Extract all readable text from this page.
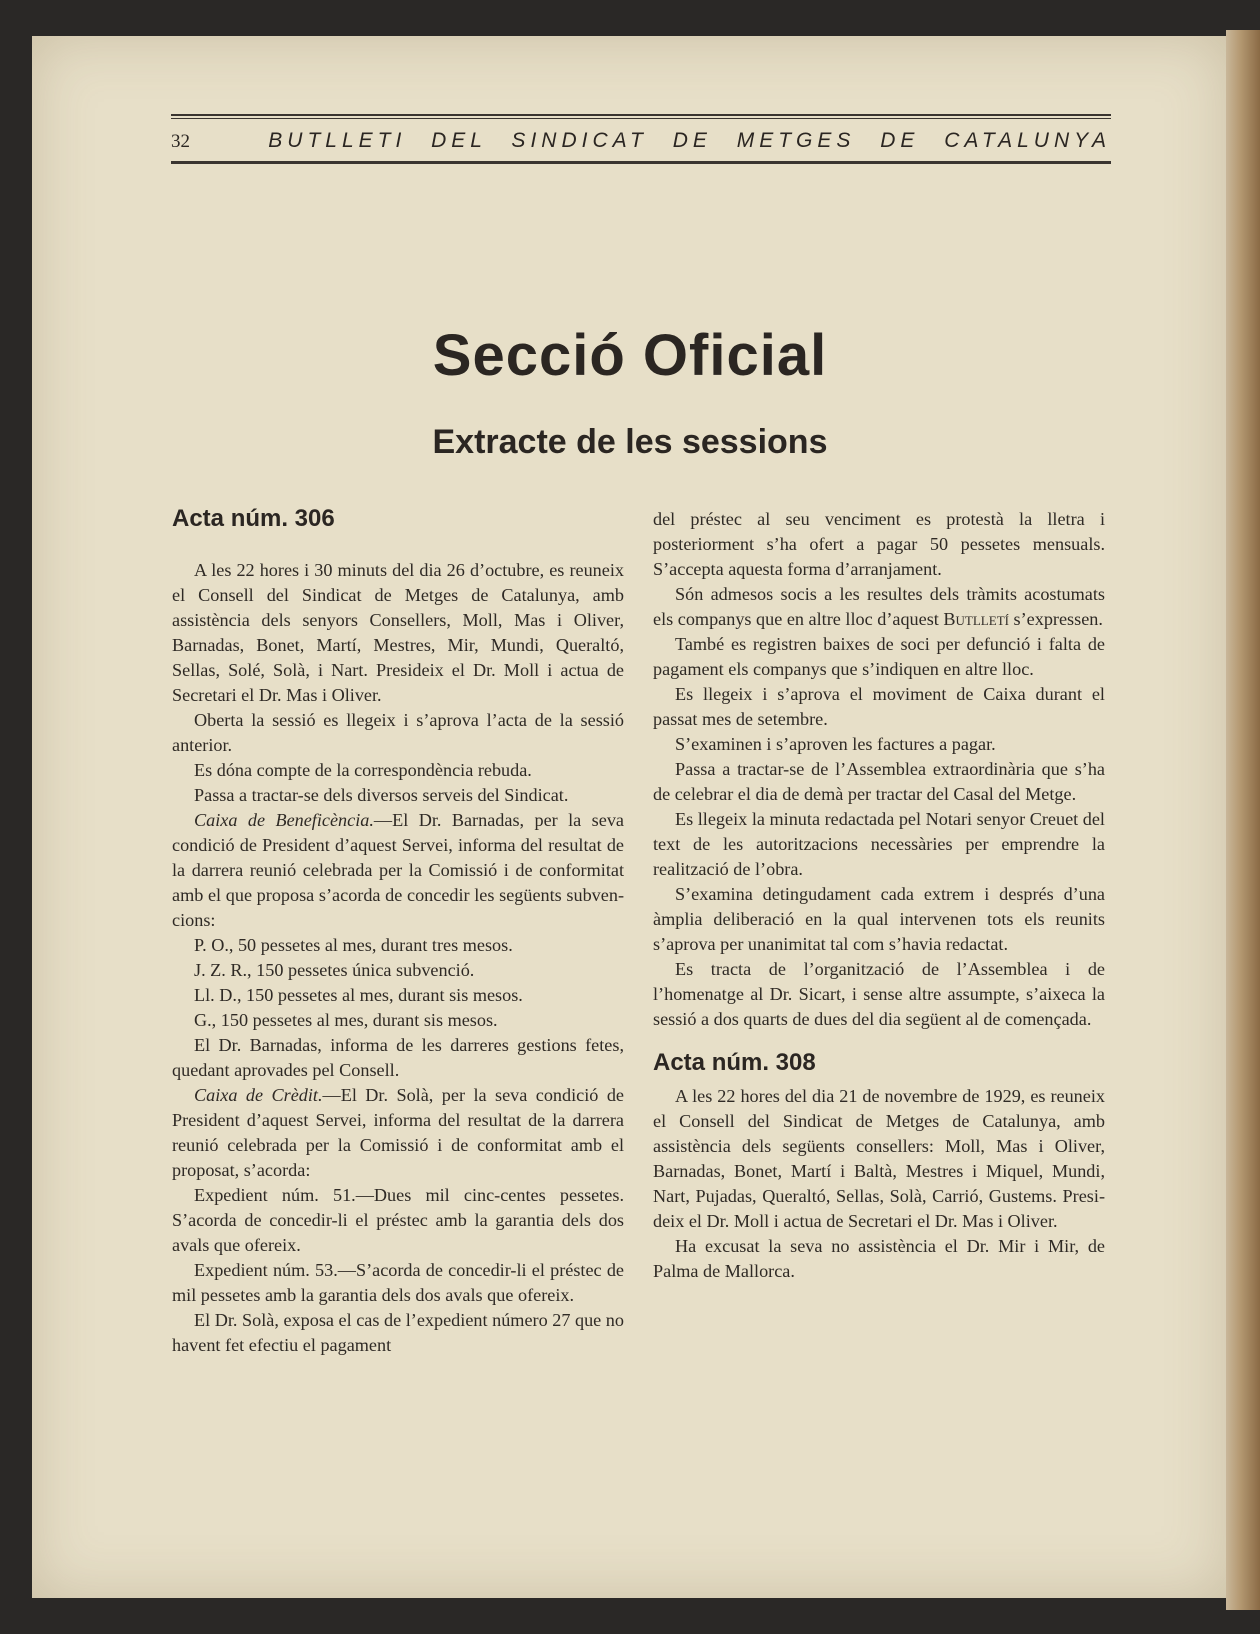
32	BUTLLETI DEL SINDICAT DE METGES DE CATALUNYA
Secció Oficial
Extracte de les sessions
Acta núm. 306

A les 22 hores i 30 minuts del dia 26 d’octubre, es reuneix el Consell del Sindicat de Metges de Catalunya, amb assistència dels senyors Consellers, Moll, Mas i Oliver, Barnadas, Bonet, Martí, Mestres, Mir, Mundi, Queraltó, Sellas, Solé, Solà, i Nart. Presideix el Dr. Moll i actua de Secretari el Dr. Mas i Oliver.

Oberta la sessió es llegeix i s’aprova l’acta de la sessió anterior.

Es dóna compte de la correspondència rebuda.

Passa a tractar-se dels diversos serveis del Sindicat.

Caixa de Beneficència.—El Dr. Barnadas, per la seva condició de President d’aquest Servei, informa del resultat de la darrera reunió celebrada per la Comissió i de conformitat amb el que proposa s’acorda de concedir les següents subvencions:

P. O., 50 pessetes al mes, durant tres mesos.

J. Z. R., 150 pessetes única subvenció.

Ll. D., 150 pessetes al mes, durant sis mesos.

G., 150 pessetes al mes, durant sis mesos.

El Dr. Barnadas, informa de les darreres gestions fetes, quedant aprovades pel Consell.

Caixa de Crèdit.—El Dr. Solà, per la seva condició de President d’aquest Servei, informa del resultat de la darrera reunió celebrada per la Comissió i de conformitat amb el proposat, s’acorda:

Expedient núm. 51.—Dues mil cinc-centes pessetes. S’acorda de concedir-li el préstec amb la garantia dels dos avals que ofereix.

Expedient núm. 53.—S’acorda de concedir-li el préstec de mil pessetes amb la garantia dels dos avals que ofereix.

El Dr. Solà, exposa el cas de l’expedient número 27 que no havent fet efectiu el pagament

del préstec al seu venciment es protestà la lletra i posteriorment s’ha ofert a pagar 50 pessetes mensuals. S’accepta aquesta forma d’arranjament.

Són admesos socis a les resultes dels tràmits acostumats els companys que en altre lloc d’aquest Butlletí s’expressen.

També es registren baixes de soci per defunció i falta de pagament els companys que s’indiquen en altre lloc.

Es llegeix i s’aprova el moviment de Caixa durant el passat mes de setembre.

S’examinen i s’aproven les factures a pagar.

Passa a tractar-se de l’Assemblea extraordinària que s’ha de celebrar el dia de demà per tractar del Casal del Metge.

Es llegeix la minuta redactada pel Notari senyor Creuet del text de les autoritzacions necessàries per emprendre la realització de l’obra.

S’examina detingudament cada extrem i després d’una àmplia deliberació en la qual intervenen tots els reunits s’aprova per unanimitat tal com s’havia redactat.

Es tracta de l’organització de l’Assemblea i de l’homenatge al Dr. Sicart, i sense altre assumpte, s’aixeca la sessió a dos quarts de dues del dia següent al de començada.

Acta núm. 308

A les 22 hores del dia 21 de novembre de 1929, es reuneix el Consell del Sindicat de Metges de Catalunya, amb assistència dels següents consellers: Moll, Mas i Oliver, Barnadas, Bonet, Martí i Baltà, Mestres i Miquel, Mundi, Nart, Pujadas, Queraltó, Sellas, Solà, Carrió, Gustems. Presideix el Dr. Moll i actua de Secretari el Dr. Mas i Oliver.

Ha excusat la seva no assistència el Dr. Mir i Mir, de Palma de Mallorca.
